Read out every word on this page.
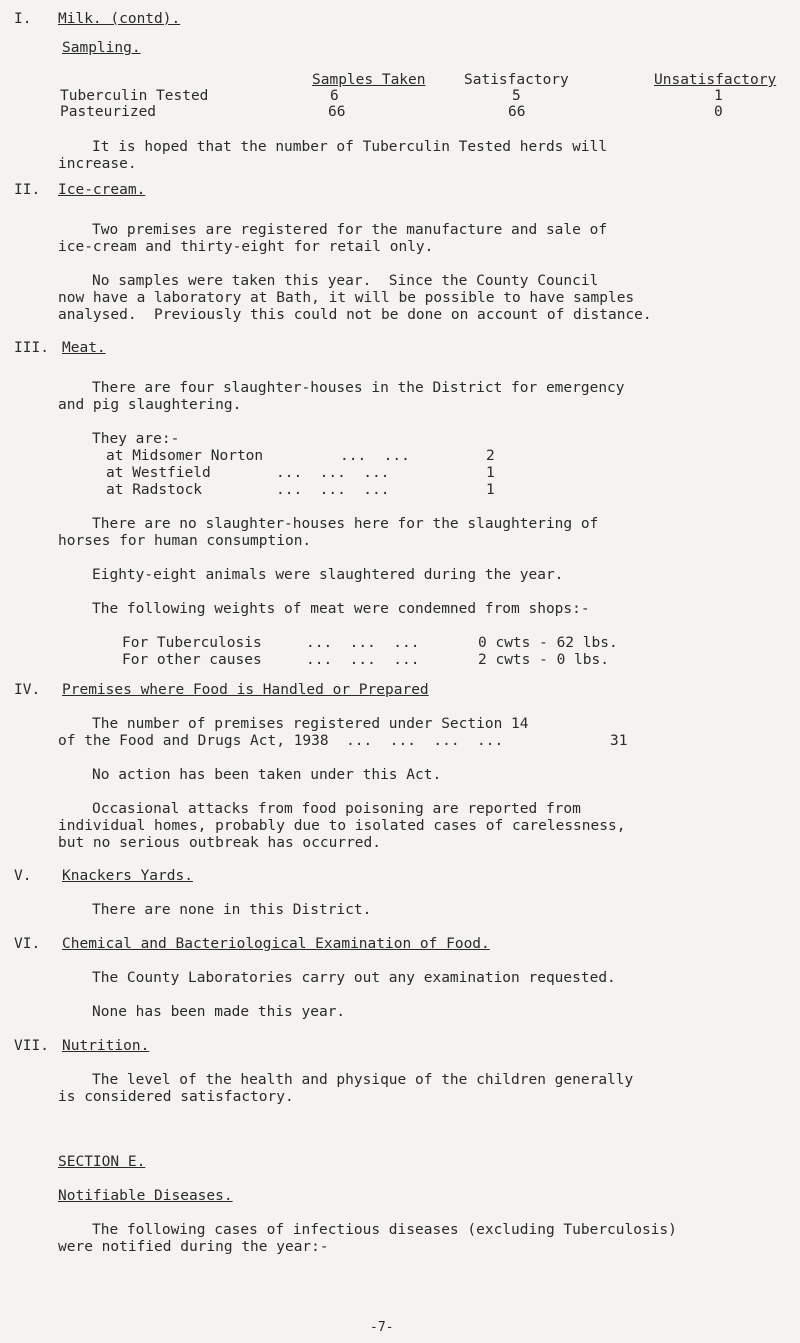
I. Milk. (contd).
Sampling.
Samples Taken	Satisfactory	Unsatisfactory
Tuberculin Tested	6	5	1
Pasteurized	66	66	0
It is hoped that the number of Tuberculin Tested herds will
increase.
II. Ice-cream.
Two premises are registered for the manufacture and sale of
ice-cream and thirty-eight for retail only.
No samples were taken this year.  Since the County Council
now have a laboratory at Bath, it will be possible to have samples
analysed.  Previously this could not be done on account of distance.
III. Meat.
There are four slaughter-houses in the District for emergency
and pig slaughtering.
They are:-
at Midsomer Norton	...  ...	2
at Westfield	...  ...  ...	1
at Radstock	...  ...  ...	1
There are no slaughter-houses here for the slaughtering of
horses for human consumption.
Eighty-eight animals were slaughtered during the year.
The following weights of meat were condemned from shops:-
For Tuberculosis	...  ...  ...	0 cwts - 62 lbs.
For other causes	...  ...  ...	2 cwts - 0 lbs.
IV. Premises where Food is Handled or Prepared
The number of premises registered under Section 14
of the Food and Drugs Act, 1938  ...  ...  ...  ...	31
No action has been taken under this Act.
Occasional attacks from food poisoning are reported from
individual homes, probably due to isolated cases of carelessness,
but no serious outbreak has occurred.
V. Knackers Yards.
There are none in this District.
VI. Chemical and Bacteriological Examination of Food.
The County Laboratories carry out any examination requested.
None has been made this year.
VII. Nutrition.
The level of the health and physique of the children generally
is considered satisfactory.
SECTION E.
Notifiable Diseases.
The following cases of infectious diseases (excluding Tuberculosis)
were notified during the year:-
-7-
